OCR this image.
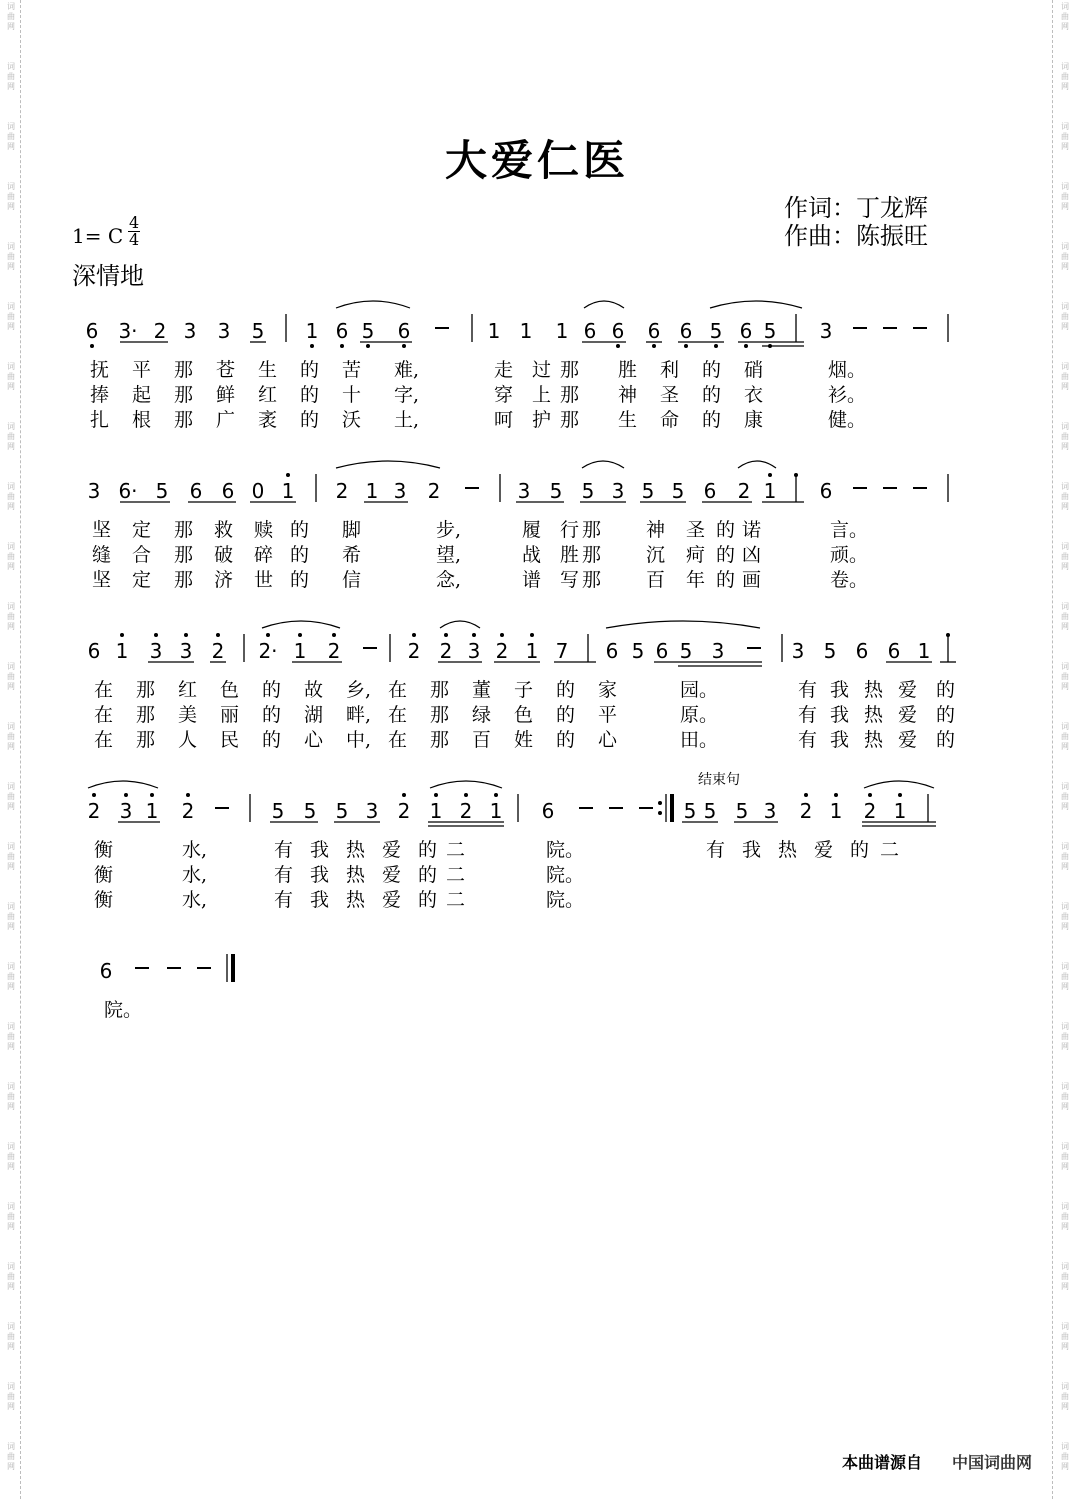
词
曲
网
词
曲
网
词
曲
网
词
曲
网
词
曲
网
词
曲
网
词
曲
网
词
曲
网
词
曲
网
词
曲
网
词
曲
网
词
曲
网
词
曲
网
词
曲
网
词
曲
网
词
曲
网
词
曲
网
词
曲
网
词
曲
网
词
曲
网
词
曲
网
词
曲
网
词
曲
网
词
曲
网
词
曲
网
词
曲
网
词
曲
网
词
曲
网
词
曲
网
词
曲
网
词
曲
网
词
曲
网
词
曲
网
词
曲
网
词
曲
网
词
曲
网
词
曲
网
词
曲
网
词
曲
网
词
曲
网
词
曲
网
词
曲
网
词
曲
网
词
曲
网
词
曲
网
词
曲
网
词
曲
网
词
曲
网
词
曲
网
词
曲
网
大爱仁医
作词：丁龙辉
作曲：陈振旺
1= C
4
4
深情地
6 3· 2 3 3 5 1 6 5 6	1 1 1 6 6 6 6 5 6 5 3
抚 平 那 苍 生 的 苦 难,	走 过 那 胜 利 的 硝	烟。
捧 起 那 鲜 红 的 十 字,	穿 上 那 神 圣 的 衣	衫。
扎 根 那 广 袤 的 沃 土,	呵 护 那 生 命 的 康	健。
3 6· 5 6 6 0 1 2 1 3 2	3 5 5 3 5 5 6 2 1 6
坚 定 那 救 赎 的 脚	步,	履 行 那 神 圣 的 诺	言。
缝 合 那 破 碎 的 希	望,	战 胜 那 沉 疴 的 凶	顽。
坚 定 那 济 世 的 信	念,	谱 写 那 百 年 的 画	卷。
6 1 3 3 2 2· 1 2	2 2 3 2 1 7 6 5 6 5 3	3 5 6 6 1
在 那 红 色 的 故 乡, 在 那 董 子 的 家	园。	有 我 热 爱 的
在 那 美 丽 的 湖 畔, 在 那 绿 色 的 平	原。	有 我 热 爱 的
在 那 人 民 的 心 中, 在 那 百 姓 的 心	田。	有 我 热 爱 的
2 3 1 2	5 5 5 3 2 1 2 1 6	5 5 5 3 2 1 2 1
衡	水,	有 我 热 爱 的 二	院。	有 我 热 爱 的 二
衡	水,	有 我 热 爱 的 二	院。
衡	水,	有 我 热 爱 的 二	院。
6
院。
结束句
本曲谱源自 中国词曲网
